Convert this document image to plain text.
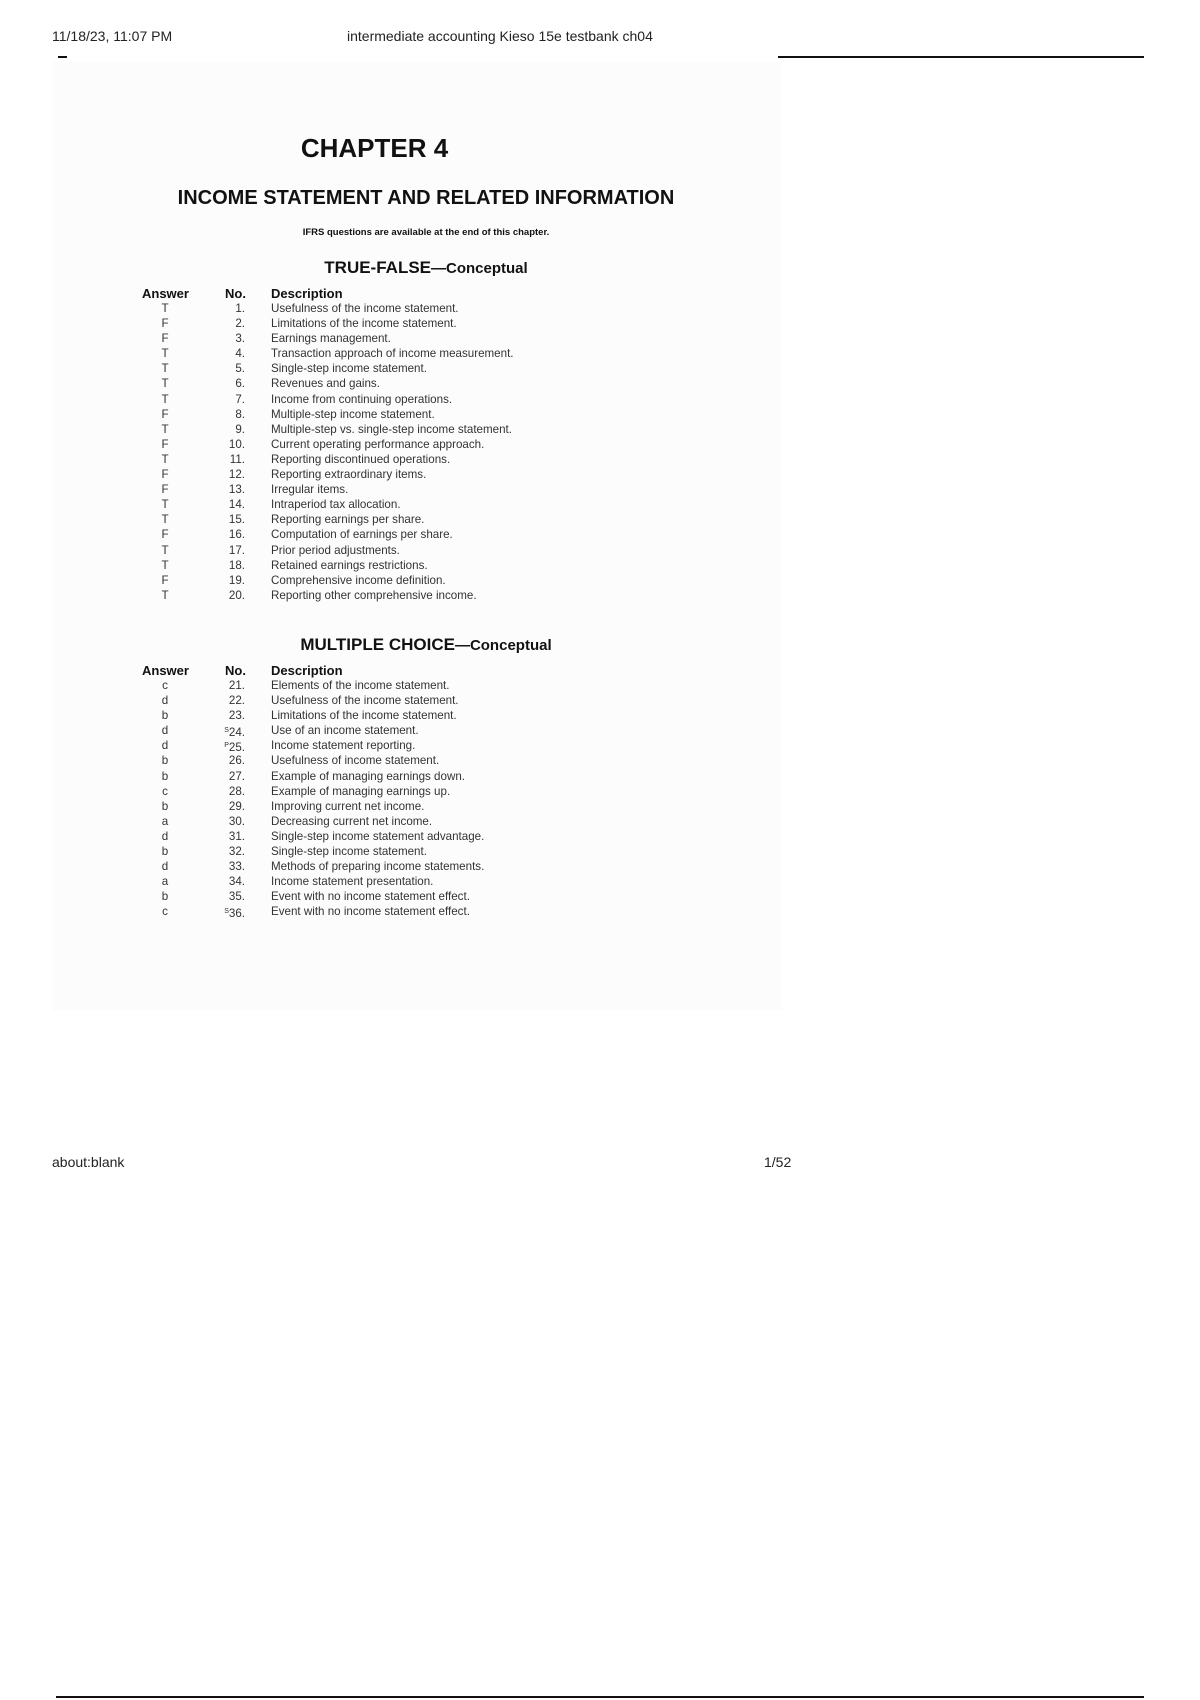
11/18/23, 11:07 PM	intermediate accounting Kieso 15e testbank ch04
CHAPTER 4
INCOME STATEMENT AND RELATED INFORMATION
IFRS questions are available at the end of this chapter.
TRUE-FALSE—Conceptual
Answer	No. Description
T	1. Usefulness of the income statement.
F	2. Limitations of the income statement.
F	3. Earnings management.
T	4. Transaction approach of income measurement.
T	5. Single-step income statement.
T	6. Revenues and gains.
T	7. Income from continuing operations.
F	8. Multiple-step income statement.
T	9. Multiple-step vs. single-step income statement.
F	10. Current operating performance approach.
T	11. Reporting discontinued operations.
F	12. Reporting extraordinary items.
F	13. Irregular items.
T	14. Intraperiod tax allocation.
T	15. Reporting earnings per share.
F	16. Computation of earnings per share.
T	17. Prior period adjustments.
T	18. Retained earnings restrictions.
F	19. Comprehensive income definition.
T	20. Reporting other comprehensive income.
MULTIPLE CHOICE—Conceptual
Answer	No. Description
c	21. Elements of the income statement.
d	22. Usefulness of the income statement.
b	23. Limitations of the income statement.
d	$^S$24. Use of an income statement.
d	$^P$25. Income statement reporting.
b	26. Usefulness of income statement.
b	27. Example of managing earnings down.
c	28. Example of managing earnings up.
b	29. Improving current net income.
a	30. Decreasing current net income.
d	31. Single-step income statement advantage.
b	32. Single-step income statement.
d	33. Methods of preparing income statements.
a	34. Income statement presentation.
b	35. Event with no income statement effect.
c	$^S$36. Event with no income statement effect.
about:blank	1/52
